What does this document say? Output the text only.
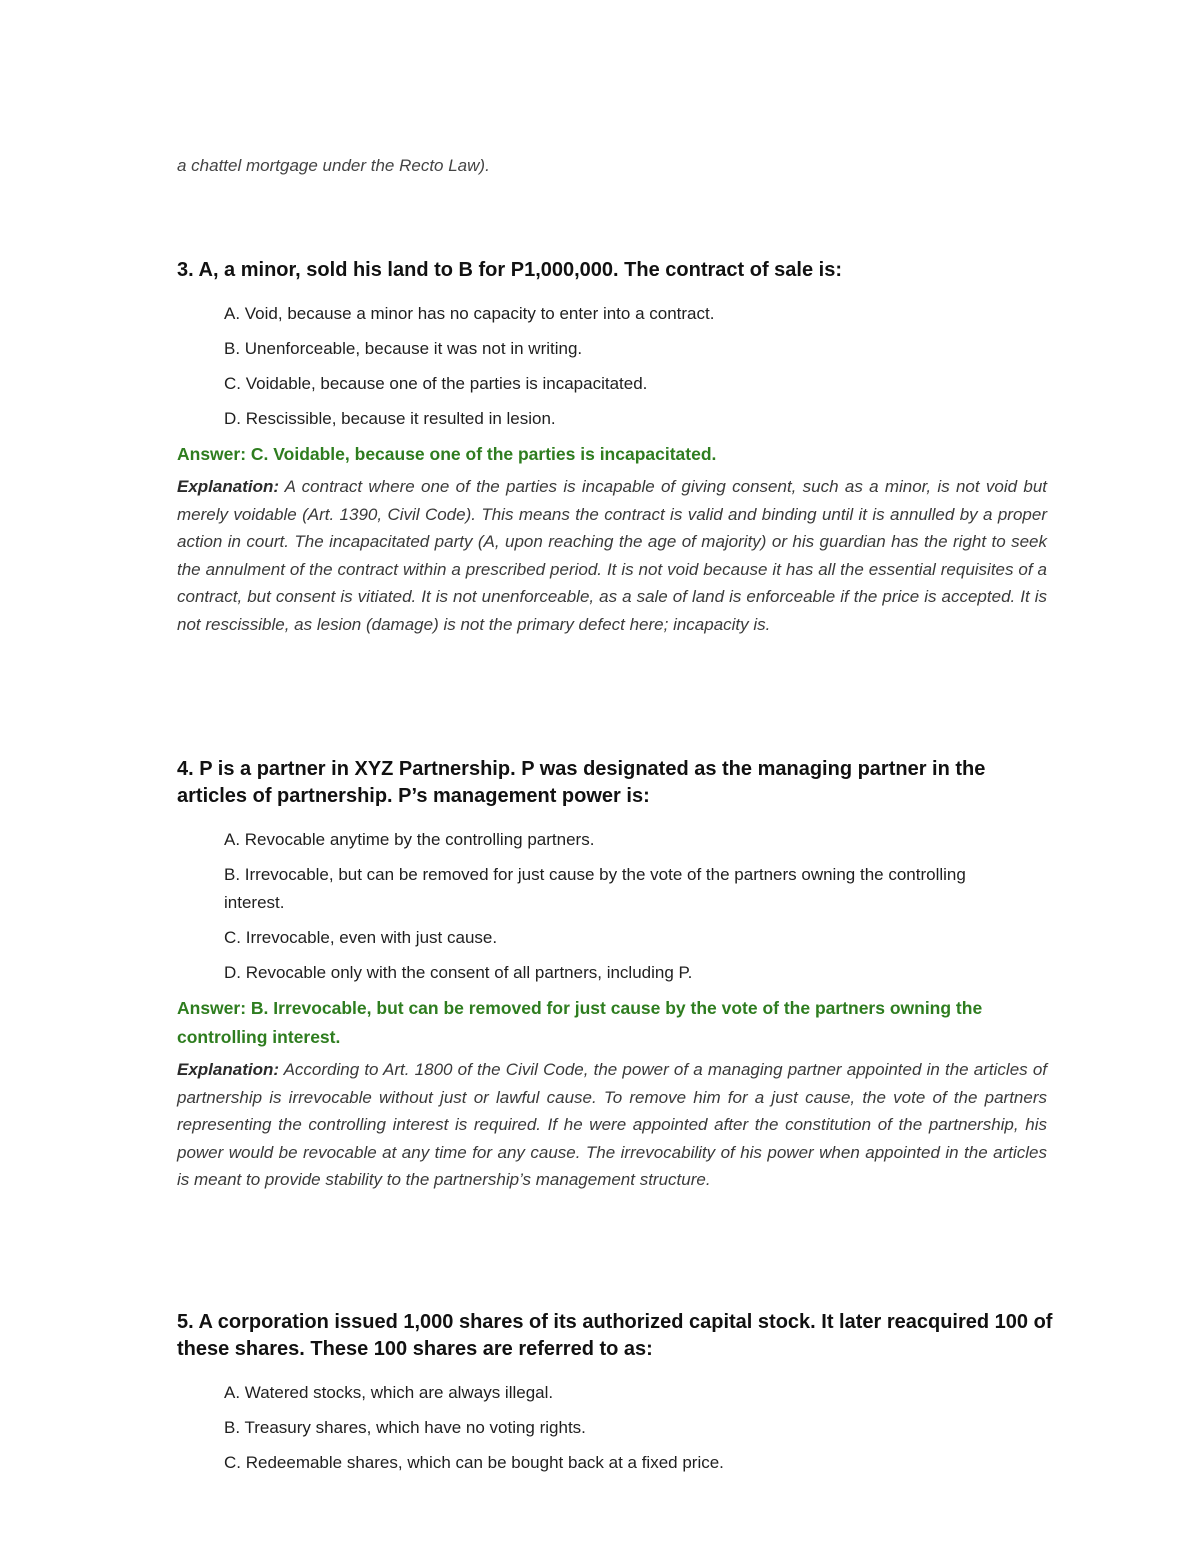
a chattel mortgage under the Recto Law).

3. A, a minor, sold his land to B for P1,000,000. The contract of sale is:
A. Void, because a minor has no capacity to enter into a contract.
B. Unenforceable, because it was not in writing.
C. Voidable, because one of the parties is incapacitated.
D. Rescissible, because it resulted in lesion.

Answer: C. Voidable, because one of the parties is incapacitated.

Explanation: A contract where one of the parties is incapable of giving consent, such as a minor, is not void but merely voidable (Art. 1390, Civil Code). This means the contract is valid and binding until it is annulled by a proper action in court. The incapacitated party (A, upon reaching the age of majority) or his guardian has the right to seek the annulment of the contract within a prescribed period. It is not void because it has all the essential requisites of a contract, but consent is vitiated. It is not unenforceable, as a sale of land is enforceable if the price is accepted. It is not rescissible, as lesion (damage) is not the primary defect here; incapacity is.

4. P is a partner in XYZ Partnership. P was designated as the managing partner in the articles of partnership. P’s management power is:
A. Revocable anytime by the controlling partners.
B. Irrevocable, but can be removed for just cause by the vote of the partners owning the controlling interest.
C. Irrevocable, even with just cause.
D. Revocable only with the consent of all partners, including P.

Answer: B. Irrevocable, but can be removed for just cause by the vote of the partners owning the controlling interest.

Explanation: According to Art. 1800 of the Civil Code, the power of a managing partner appointed in the articles of partnership is irrevocable without just or lawful cause. To remove him for a just cause, the vote of the partners representing the controlling interest is required. If he were appointed after the constitution of the partnership, his power would be revocable at any time for any cause. The irrevocability of his power when appointed in the articles is meant to provide stability to the partnership’s management structure.

5. A corporation issued 1,000 shares of its authorized capital stock. It later reacquired 100 of these shares. These 100 shares are referred to as:
A. Watered stocks, which are always illegal.
B. Treasury shares, which have no voting rights.
C. Redeemable shares, which can be bought back at a fixed price.
